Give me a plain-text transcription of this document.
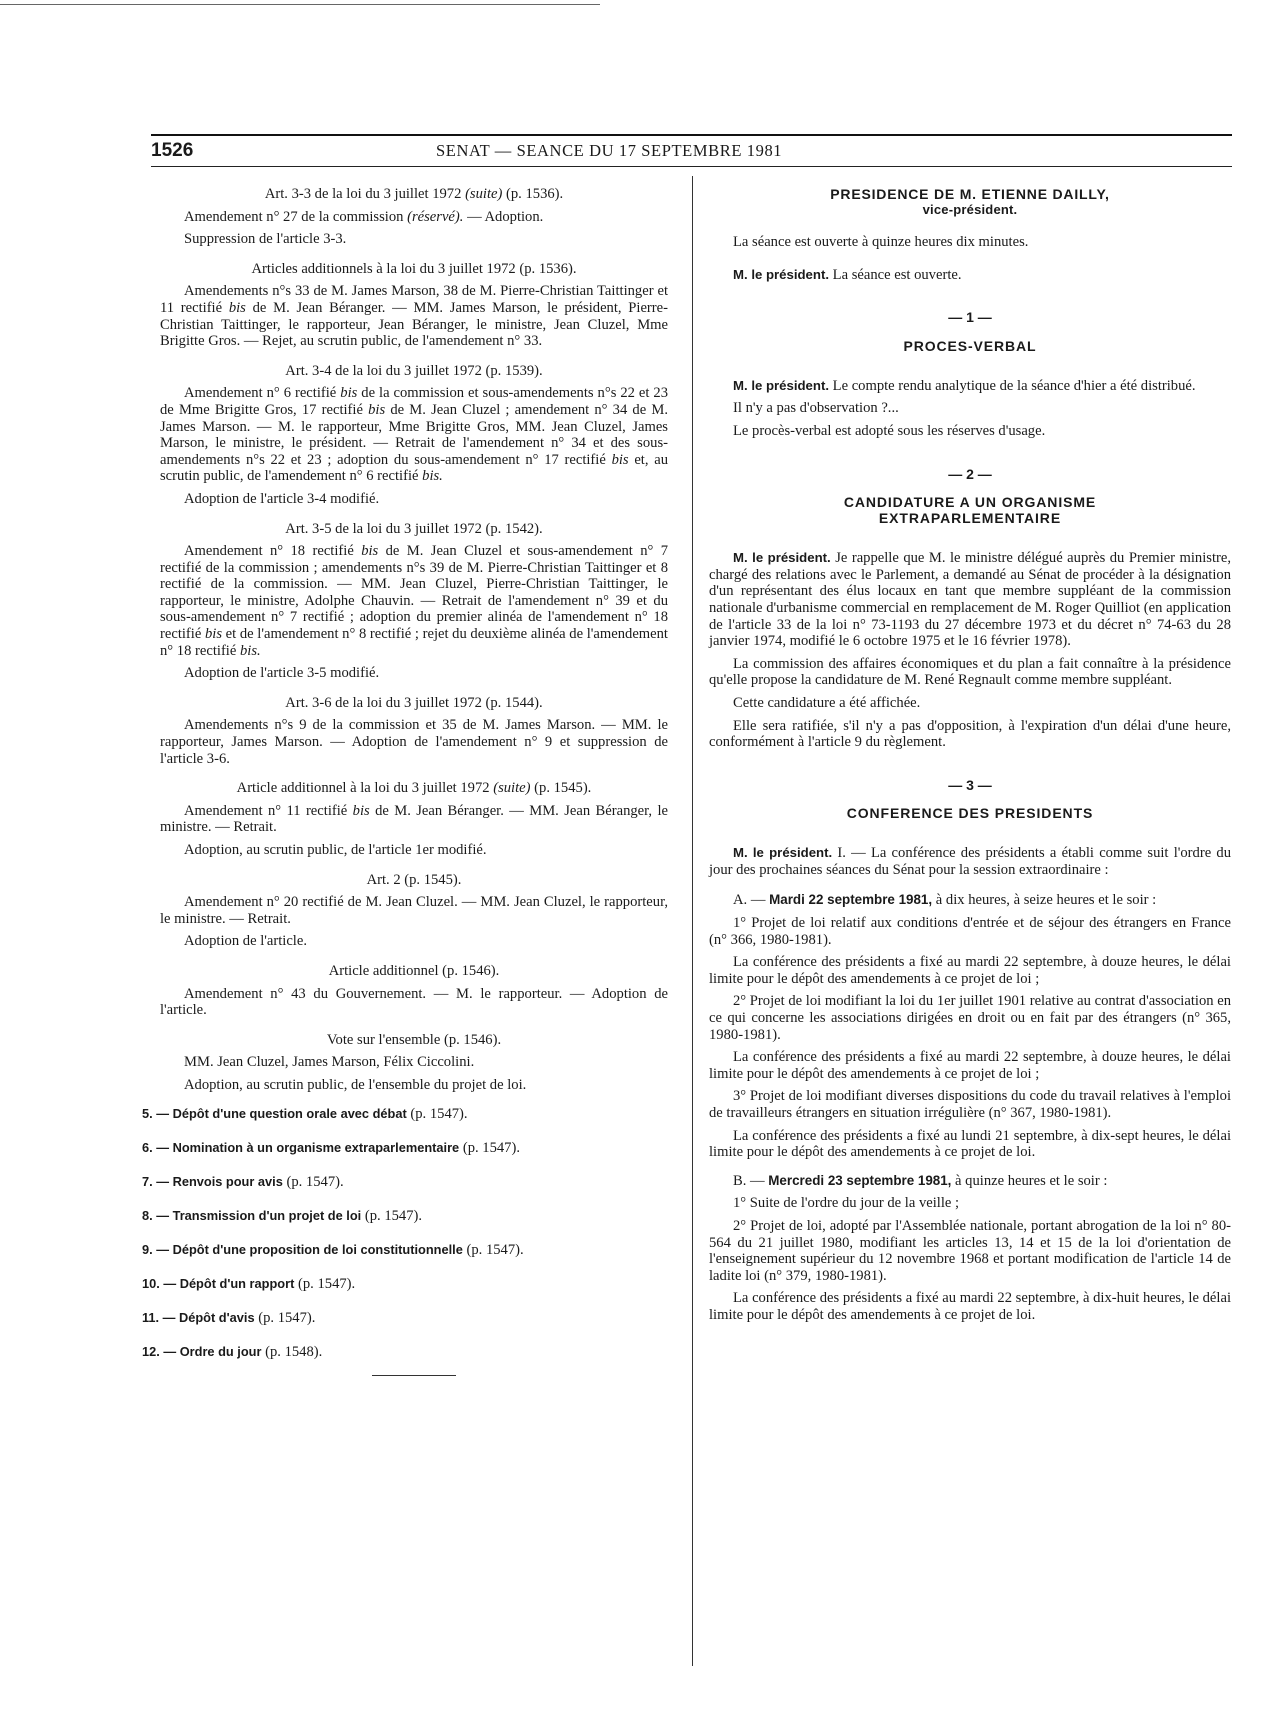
1526	SENAT — SEANCE DU 17 SEPTEMBRE 1981
Art. 3-3 de la loi du 3 juillet 1972 (suite) (p. 1536).
Amendement n° 27 de la commission (réservé). — Adoption.
Suppression de l'article 3-3.
Articles additionnels à la loi du 3 juillet 1972 (p. 1536).
Amendements n°s 33 de M. James Marson, 38 de M. Pierre-Christian Taittinger et 11 rectifié bis de M. Jean Béranger. — MM. James Marson, le président, Pierre-Christian Taittinger, le rapporteur, Jean Béranger, le ministre, Jean Cluzel, Mme Brigitte Gros. — Rejet, au scrutin public, de l'amendement n° 33.
Art. 3-4 de la loi du 3 juillet 1972 (p. 1539).
Amendement n° 6 rectifié bis de la commission et sous-amendements n°s 22 et 23 de Mme Brigitte Gros, 17 rectifié bis de M. Jean Cluzel ; amendement n° 34 de M. James Marson. — M. le rapporteur, Mme Brigitte Gros, MM. Jean Cluzel, James Marson, le ministre, le président. — Retrait de l'amendement n° 34 et des sous-amendements n°s 22 et 23 ; adoption du sous-amendement n° 17 rectifié bis et, au scrutin public, de l'amendement n° 6 rectifié bis.
Adoption de l'article 3-4 modifié.
Art. 3-5 de la loi du 3 juillet 1972 (p. 1542).
Amendement n° 18 rectifié bis de M. Jean Cluzel et sous-amendement n° 7 rectifié de la commission ; amendements n°s 39 de M. Pierre-Christian Taittinger et 8 rectifié de la commission. — MM. Jean Cluzel, Pierre-Christian Taittinger, le rapporteur, le ministre, Adolphe Chauvin. — Retrait de l'amendement n° 39 et du sous-amendement n° 7 rectifié ; adoption du premier alinéa de l'amendement n° 18 rectifié bis et de l'amendement n° 8 rectifié ; rejet du deuxième alinéa de l'amendement n° 18 rectifié bis.
Adoption de l'article 3-5 modifié.
Art. 3-6 de la loi du 3 juillet 1972 (p. 1544).
Amendements n°s 9 de la commission et 35 de M. James Marson. — MM. le rapporteur, James Marson. — Adoption de l'amendement n° 9 et suppression de l'article 3-6.
Article additionnel à la loi du 3 juillet 1972 (suite) (p. 1545).
Amendement n° 11 rectifié bis de M. Jean Béranger. — MM. Jean Béranger, le ministre. — Retrait.
Adoption, au scrutin public, de l'article 1er modifié.
Art. 2 (p. 1545).
Amendement n° 20 rectifié de M. Jean Cluzel. — MM. Jean Cluzel, le rapporteur, le ministre. — Retrait.
Adoption de l'article.
Article additionnel (p. 1546).
Amendement n° 43 du Gouvernement. — M. le rapporteur. — Adoption de l'article.
Vote sur l'ensemble (p. 1546).
MM. Jean Cluzel, James Marson, Félix Ciccolini.
Adoption, au scrutin public, de l'ensemble du projet de loi.
5. — Dépôt d'une question orale avec débat (p. 1547).
6. — Nomination à un organisme extraparlementaire (p. 1547).
7. — Renvois pour avis (p. 1547).
8. — Transmission d'un projet de loi (p. 1547).
9. — Dépôt d'une proposition de loi constitutionnelle (p. 1547).
10. — Dépôt d'un rapport (p. 1547).
11. — Dépôt d'avis (p. 1547).
12. — Ordre du jour (p. 1548).
PRESIDENCE DE M. ETIENNE DAILLY,
vice-président.
La séance est ouverte à quinze heures dix minutes.
M. le président. La séance est ouverte.
— 1 —
PROCES-VERBAL
M. le président. Le compte rendu analytique de la séance d'hier a été distribué.
Il n'y a pas d'observation ?...
Le procès-verbal est adopté sous les réserves d'usage.
— 2 —
CANDIDATURE A UN ORGANISME
EXTRAPARLEMENTAIRE
M. le président. Je rappelle que M. le ministre délégué auprès du Premier ministre, chargé des relations avec le Parlement, a demandé au Sénat de procéder à la désignation d'un représentant des élus locaux en tant que membre suppléant de la commission nationale d'urbanisme commercial en remplacement de M. Roger Quilliot (en application de l'article 33 de la loi n° 73-1193 du 27 décembre 1973 et du décret n° 74-63 du 28 janvier 1974, modifié le 6 octobre 1975 et le 16 février 1978).
La commission des affaires économiques et du plan a fait connaître à la présidence qu'elle propose la candidature de M. René Regnault comme membre suppléant.
Cette candidature a été affichée.
Elle sera ratifiée, s'il n'y a pas d'opposition, à l'expiration d'un délai d'une heure, conformément à l'article 9 du règlement.
— 3 —
CONFERENCE DES PRESIDENTS
M. le président. I. — La conférence des présidents a établi comme suit l'ordre du jour des prochaines séances du Sénat pour la session extraordinaire :
A. — Mardi 22 septembre 1981, à dix heures, à seize heures et le soir :
1° Projet de loi relatif aux conditions d'entrée et de séjour des étrangers en France (n° 366, 1980-1981).
La conférence des présidents a fixé au mardi 22 septembre, à douze heures, le délai limite pour le dépôt des amendements à ce projet de loi ;
2° Projet de loi modifiant la loi du 1er juillet 1901 relative au contrat d'association en ce qui concerne les associations dirigées en droit ou en fait par des étrangers (n° 365, 1980-1981).
La conférence des présidents a fixé au mardi 22 septembre, à douze heures, le délai limite pour le dépôt des amendements à ce projet de loi ;
3° Projet de loi modifiant diverses dispositions du code du travail relatives à l'emploi de travailleurs étrangers en situation irrégulière (n° 367, 1980-1981).
La conférence des présidents a fixé au lundi 21 septembre, à dix-sept heures, le délai limite pour le dépôt des amendements à ce projet de loi.
B. — Mercredi 23 septembre 1981, à quinze heures et le soir :
1° Suite de l'ordre du jour de la veille ;
2° Projet de loi, adopté par l'Assemblée nationale, portant abrogation de la loi n° 80-564 du 21 juillet 1980, modifiant les articles 13, 14 et 15 de la loi d'orientation de l'enseignement supérieur du 12 novembre 1968 et portant modification de l'article 14 de ladite loi (n° 379, 1980-1981).
La conférence des présidents a fixé au mardi 22 septembre, à dix-huit heures, le délai limite pour le dépôt des amendements à ce projet de loi.
